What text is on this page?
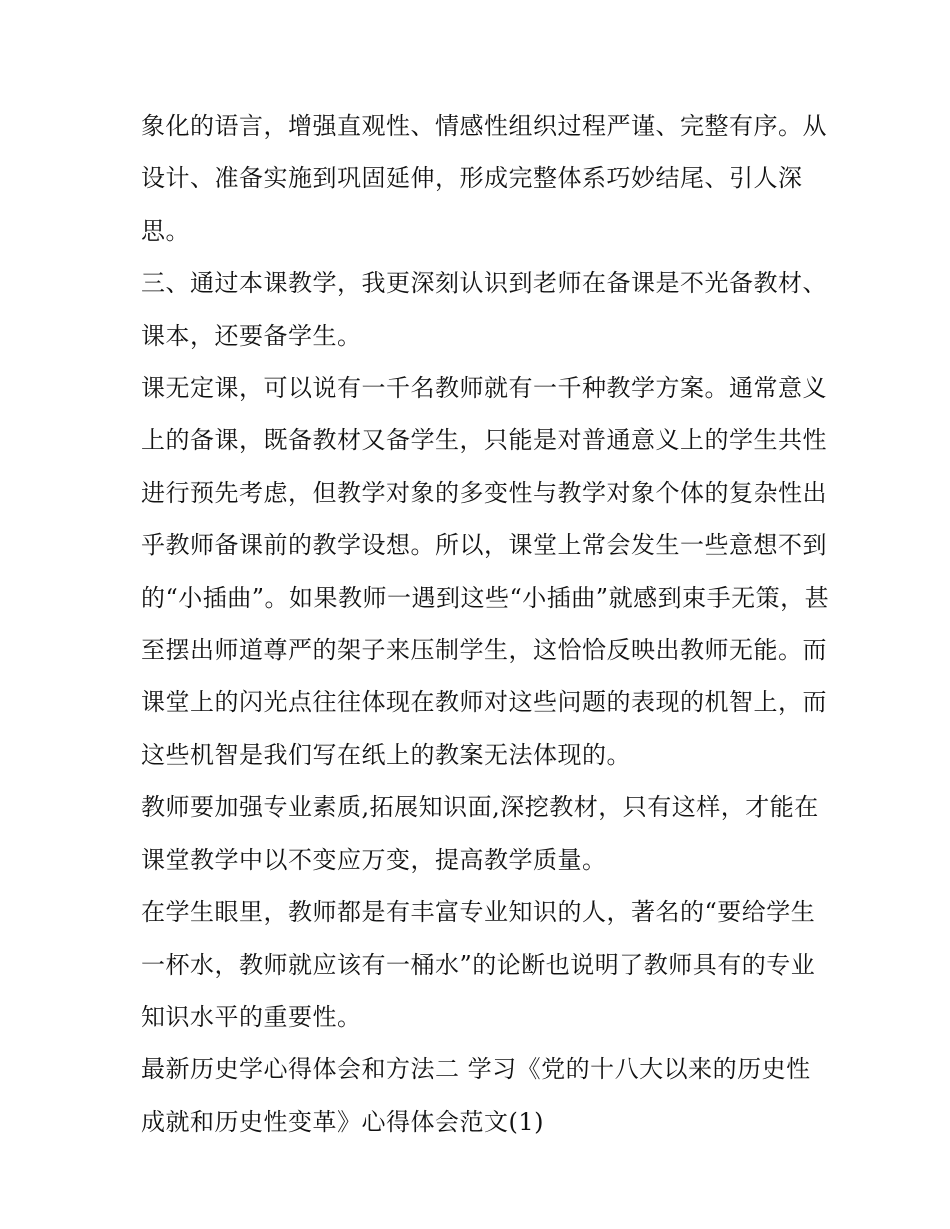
象化的语言，增强直观性、情感性组织过程严谨、完整有序。从设计、准备实施到巩固延伸，形成完整体系巧妙结尾、引人深思。

三、通过本课教学，我更深刻认识到老师在备课是不光备教材、课本，还要备学生。

课无定课，可以说有一千名教师就有一千种教学方案。通常意义上的备课，既备教材又备学生，只能是对普通意义上的学生共性进行预先考虑，但教学对象的多变性与教学对象个体的复杂性出乎教师备课前的教学设想。所以，课堂上常会发生一些意想不到的“小插曲”。如果教师一遇到这些“小插曲”就感到束手无策，甚至摆出师道尊严的架子来压制学生，这恰恰反映出教师无能。而课堂上的闪光点往往体现在教师对这些问题的表现的机智上，而这些机智是我们写在纸上的教案无法体现的。

教师要加强专业素质,拓展知识面,深挖教材，只有这样，才能在课堂教学中以不变应万变，提高教学质量。

在学生眼里，教师都是有丰富专业知识的人，著名的“要给学生一杯水，教师就应该有一桶水”的论断也说明了教师具有的专业知识水平的重要性。

最新历史学心得体会和方法二 学习《党的十八大以来的历史性成就和历史性变革》心得体会范文(1)
